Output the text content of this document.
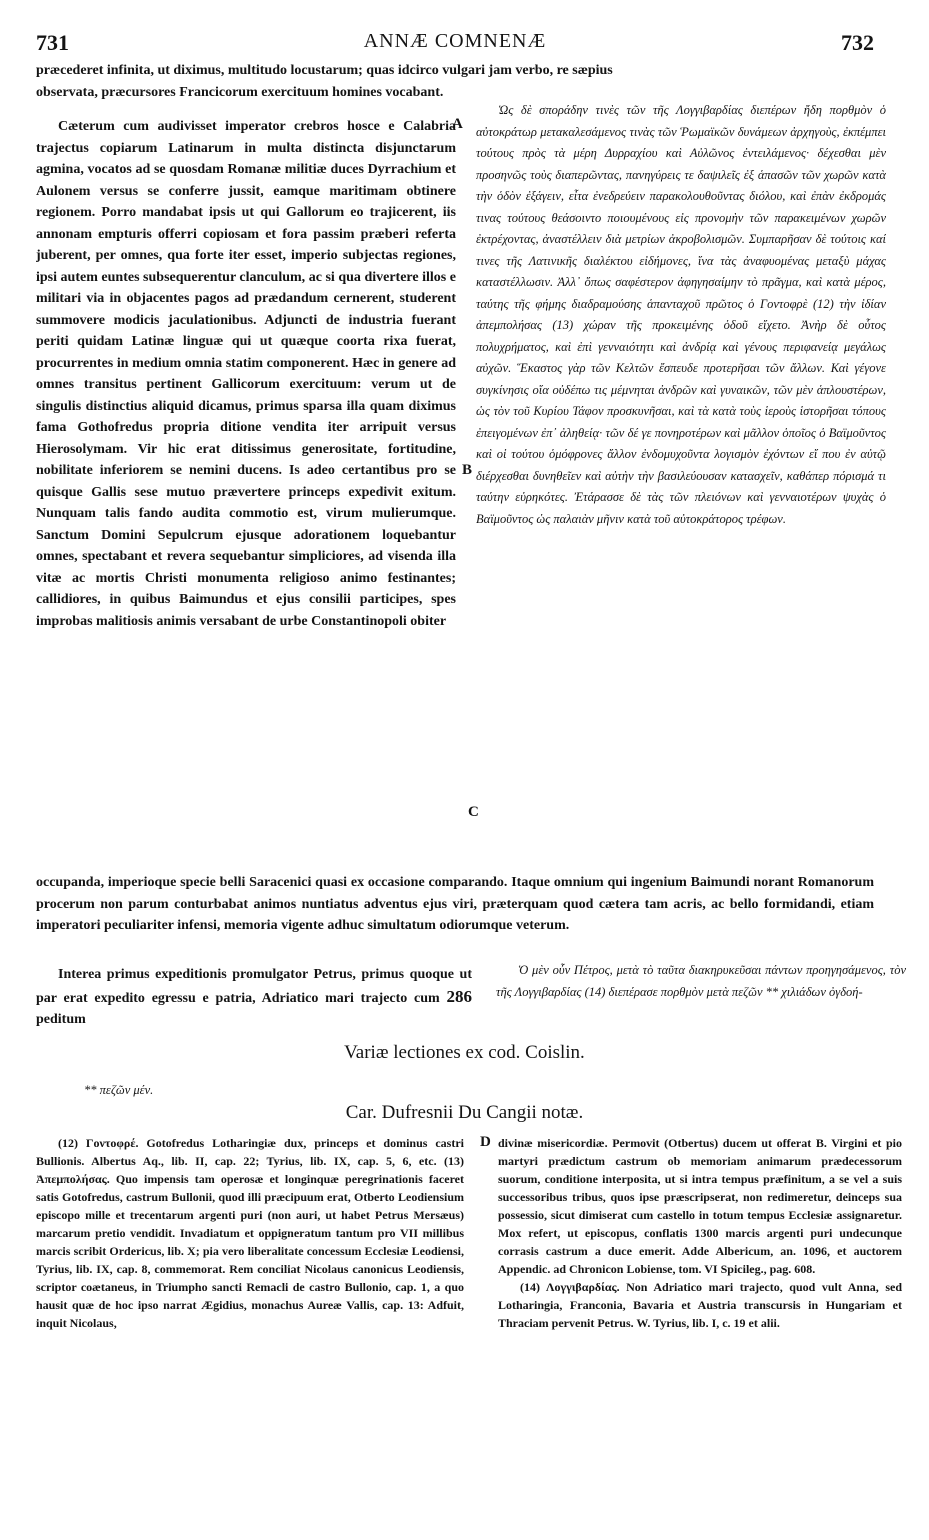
731	ANNÆ COMNENÆ	732

præcederet infinita, ut diximus, multitudo locustarum; quas idcirco vulgari jam verbo, re sæpius

observata, præcursores Francicorum exercituum homines vocabant.

Cæterum cum audivisset imperator crebros hosce e Calabria trajectus copiarum Latinarum in multa distincta disjunctarum agmina, vocatos ad se quosdam Romanæ militiæ duces Dyrrachium et Aulonem versus se conferre jussit, eamque maritimam obtinere regionem. Porro mandabat ipsis ut qui Gallorum eo trajicerent, iis annonam empturis offerri copiosam et fora passim præberi referta juberent, per omnes, qua forte iter esset, imperio subjectas regiones, ipsi autem euntes subsequerentur clanculum, ac si qua divertere illos e militari via in objacentes pagos ad prædandum cernerent, studerent summovere modicis jaculationibus. Adjuncti de industria fuerant periti quidam Latinæ linguæ qui ut quæque coorta rixa fuerat, procurrentes in medium omnia statim componerent. Hæc in genere ad omnes transitus pertinent Gallicorum exercituum: verum ut de singulis distinctius aliquid dicamus, primus sparsa illa quam diximus fama Gothofredus propria ditione vendita iter arripuit versus Hierosolymam. Vir hic erat ditissimus generositate, fortitudine, nobilitate inferiorem se nemini ducens. Is adeo certantibus pro se quisque Gallis sese mutuo prævertere princeps expedivit exitum. Nunquam talis fando audita commotio est, virum mulierumque. Sanctum Domini Sepulcrum ejusque adorationem loquebantur omnes, spectabant et revera sequebantur simpliciores, ad visenda illa vitæ ac mortis Christi monumenta religioso animo festinantes; callidiores, in quibus Baimundus et ejus consilii participes, spes improbas malitiosis animis versabant de urbe Constantinopoli obiter

A
B
C

Ὡς δὲ σποράδην τινὲς τῶν τῆς Λογγιβαρδίας διεπέρων ἤδη πορθμὸν ὁ αὐτοκράτωρ μετακαλεσάμενος τινὰς τῶν Ῥωμαϊκῶν δυνάμεων ἀρχηγοὺς, ἐκπέμπει τούτους πρὸς τὰ μέρη Δυρραχίου καὶ Αὐλῶνος ἐντειλάμενος· δέχεσθαι μὲν προσηνῶς τοὺς διαπερῶντας, πανηγύρεις τε δαψιλεῖς ἐξ ἁπασῶν τῶν χωρῶν κατὰ τὴν ὁδὸν ἐξάγειν, εἶτα ἐνεδρεύειν παρακολουθοῦντας διόλου, καὶ ἐπὰν ἐκδρομάς τινας τούτους θεάσοιντο ποιουμένους εἰς προνομὴν τῶν παρακειμένων χωρῶν ἐκτρέχοντας, ἀναστέλλειν διὰ μετρίων ἀκροβολισμῶν. Συμπαρῆσαν δὲ τούτοις καί τινες τῆς Λατινικῆς διαλέκτου εἰδήμονες, ἵνα τὰς ἀναφυομένας μεταξὺ μάχας καταστέλλωσιν. Ἀλλ᾽ ὅπως σαφέστερον ἀφηγησαίμην τὸ πρᾶγμα, καὶ κατὰ μέρος, ταύτης τῆς φήμης διαδραμούσης ἁπανταχοῦ πρῶτος ὁ Γοντοφρὲ (12) τὴν ἰδίαν ἀπεμπολήσας (13) χώραν τῆς προκειμένης ὁδοῦ εἴχετο. Ἀνὴρ δὲ οὗτος πολυχρήματος, καὶ ἐπὶ γενναιότητι καὶ ἀνδρίᾳ καὶ γένους περιφανείᾳ μεγάλως αὐχῶν. Ἕκαστος γὰρ τῶν Κελτῶν ἔσπευδε προτερῆσαι τῶν ἄλλων. Καὶ γέγονε συγκίνησις οἵα οὐδέπω τις μέμνηται ἀνδρῶν καὶ γυναικῶν, τῶν μὲν ἁπλουστέρων, ὡς τὸν τοῦ Κυρίου Τάφον προσκυνῆσαι, καὶ τὰ κατὰ τοὺς ἱεροὺς ἱστορῆσαι τόπους ἐπειγομένων ἐπ᾽ ἀληθείᾳ· τῶν δέ γε πονηροτέρων καὶ μᾶλλον ὁποῖος ὁ Βαϊμοῦντος καὶ οἱ τούτου ὁμόφρονες ἄλλον ἐνδομυχοῦντα λογισμὸν ἐχόντων εἴ που ἐν αὐτῷ διέρχεσθαι δυνηθεῖεν καὶ αὐτὴν τὴν βασιλεύουσαν κατασχεῖν, καθάπερ πόρισμά τι ταύτην εὑρηκότες. Ἐτάρασσε δὲ τὰς τῶν πλειόνων καὶ γενναιοτέρων ψυχὰς ὁ Βαϊμοῦντος ὡς παλαιὰν μῆνιν κατὰ τοῦ αὐτοκράτορος τρέφων.

occupanda, imperioque specie belli Saracenici quasi ex occasione comparando. Itaque omnium qui ingenium Baimundi norant Romanorum procerum non parum conturbabat animos nuntiatus adventus ejus viri, præterquam quod cætera tam acris, ac bello formidandi, etiam imperatori peculiariter infensi, memoria vigente adhuc simultatum odiorumque veterum.

Interea primus expeditionis promulgator Petrus, primus quoque ut par erat expedito egressu e patria, Adriatico mari trajecto cum 286 peditum

Ὁ μὲν οὖν Πέτρος, μετὰ τὸ ταῦτα διακηρυκεῦσαι πάντων προηγησάμενος, τὸν τῆς Λογγιβαρδίας (14) διεπέρασε πορθμὸν μετὰ πεζῶν ** χιλιάδων ὀγδοή-

Variæ lectiones ex cod. Coislin.
** πεζῶν μέν.
Car. Dufresnii Du Cangii notæ.

(12) Γοντοφρέ. Gotofredus Lotharingiæ dux, princeps et dominus castri Bullionis. Albertus Aq., lib. II, cap. 22; Tyrius, lib. IX, cap. 5, 6, etc. (13) Ἀπεμπολήσας. Quo impensis tam operosæ et longinquæ peregrinationis faceret satis Gotofredus, castrum Bullonii, quod illi præcipuum erat, Otberto Leodiensium episcopo mille et trecentarum argenti puri (non auri, ut habet Petrus Mersæus) marcarum pretio vendidit. Invadiatum et oppigneratum tantum pro VII millibus marcis scribit Ordericus, lib. X; pia vero liberalitate concessum Ecclesiæ Leodiensi, Tyrius, lib. IX, cap. 8, commemorat. Rem conciliat Nicolaus canonicus Leodiensis, scriptor coætaneus, in Triumpho sancti Remacli de castro Bullonio, cap. 1, a quo hausit quæ de hoc ipso narrat Ægidius, monachus Aureæ Vallis, cap. 13: Adfuit, inquit Nicolaus,

D divinæ misericordiæ. Permovit (Otbertus) ducem ut offerat B. Virgini et pio martyri prædictum castrum ob memoriam animarum prædecessorum suorum, conditione interposita, ut si intra tempus præfinitum, a se vel a suis successoribus tribus, quos ipse præscripserat, non redimeretur, deinceps sua possessio, sicut dimiserat cum castello in totum tempus Ecclesiæ assignaretur. Mox refert, ut episcopus, conflatis 1300 marcis argenti puri undecunque corrasis castrum a duce emerit. Adde Albericum, an. 1096, et auctorem Appendic. ad Chronicon Lobiense, tom. VI Spicileg., pag. 608.

(14) Λογγιβαρδίας. Non Adriatico mari trajecto, quod vult Anna, sed Lotharingia, Franconia, Bavaria et Austria transcursis in Hungariam et Thraciam pervenit Petrus. W. Tyrius, lib. I, c. 19 et alii.
